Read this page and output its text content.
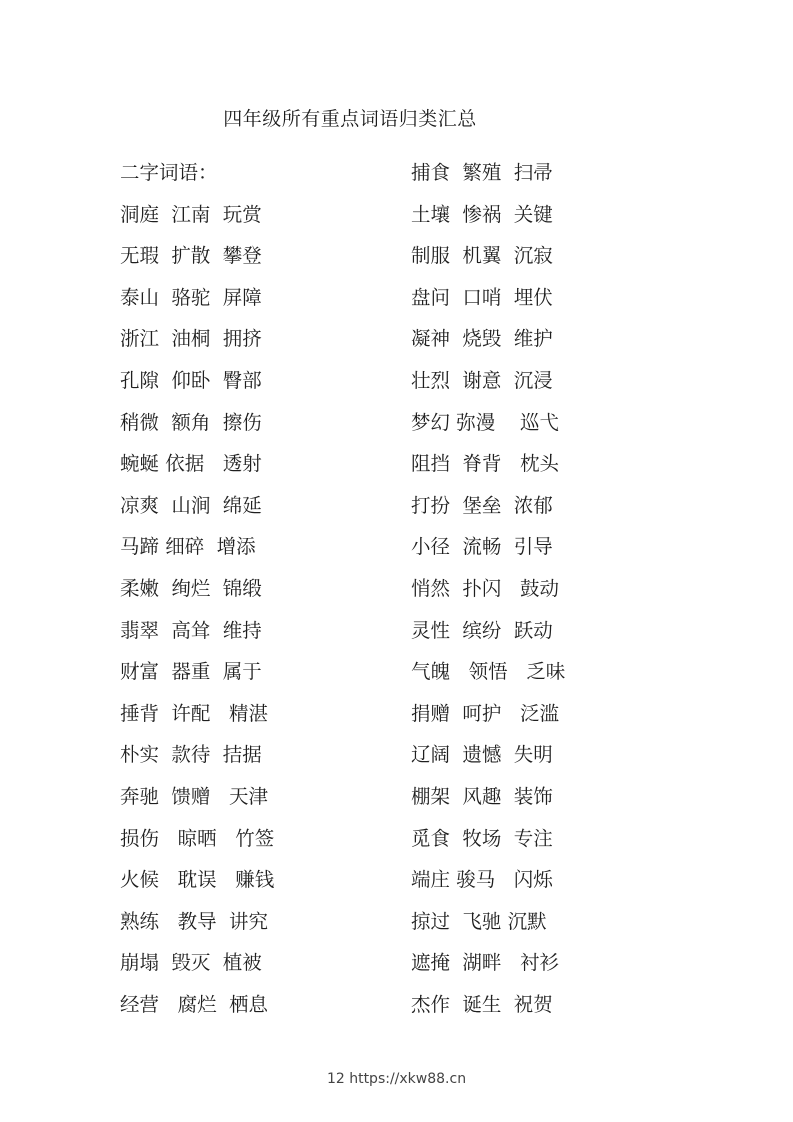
四年级所有重点词语归类汇总
二字词语：
洞庭  江南  玩赏
无瑕  扩散  攀登
泰山  骆驼  屏障
浙江  油桐  拥挤
孔隙  仰卧  臀部
稍微  额角  擦伤
蜿蜒 依据   透射
凉爽  山涧  绵延
马蹄 细碎  增添
柔嫩  绚烂  锦缎
翡翠  高耸  维持
财富  器重  属于
捶背  许配   精湛
朴实  款待  拮据
奔驰  馈赠   天津
损伤   晾晒   竹签
火候   耽误   赚钱
熟练   教导  讲究
崩塌  毁灭  植被
经营   腐烂  栖息
捕食  繁殖  扫帚
土壤  惨祸  关键
制服  机翼  沉寂
盘问  口哨  埋伏
凝神  烧毁  维护
壮烈  谢意  沉浸
梦幻 弥漫    巡弋
阻挡  脊背   枕头
打扮  堡垒  浓郁
小径  流畅  引导
悄然  扑闪   鼓动
灵性  缤纷  跃动
气魄   领悟   乏味
捐赠  呵护   泛滥
辽阔  遗憾  失明
棚架  风趣  装饰
觅食  牧场  专注
端庄 骏马   闪烁
掠过  飞驰 沉默
遮掩  湖畔   衬衫
杰作  诞生  祝贺
12 https://xkw88.cn
